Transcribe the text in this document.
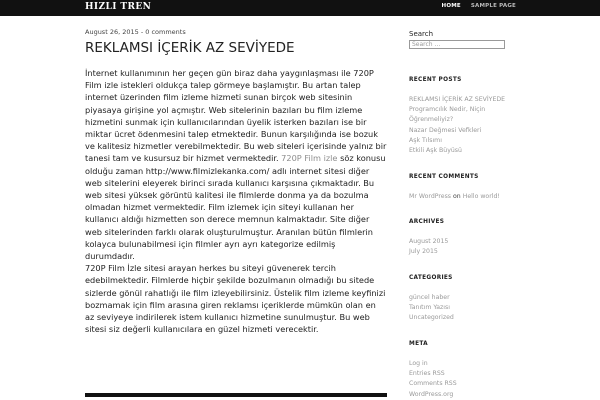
HIZLI TREN	HOME SAMPLE PAGE
August 26, 2015 - 0 comments
REKLAMSI İÇERİK AZ SEVİYEDE

İnternet kullanımının her geçen gün biraz daha yaygınlaşması ile 720P Film izle istekleri oldukça talep görmeye başlamıştır. Bu artan talep internet üzerinden film izleme hizmeti sunan birçok web sitesinin piyasaya girişine yol açmıştır. Web sitelerinin bazıları bu film izleme hizmetini sunmak için kullanıcılarından üyelik isterken bazıları ise bir miktar ücret ödenmesini talep etmektedir. Bunun karşılığında ise bozuk ve kalitesiz hizmetler verebilmektedir. Bu web siteleri içerisinde yalnız bir tanesi tam ve kusursuz bir hizmet vermektedir. 720P Film izle söz konusu olduğu zaman http://www.filmizlekanka.com/ adlı internet sitesi diğer web sitelerini eleyerek birinci sırada kullanıcı karşısına çıkmaktadır. Bu web sitesi yüksek görüntü kalitesi ile filmlerde donma ya da bozulma olmadan hizmet vermektedir. Film izlemek için siteyi kullanan her kullanıcı aldığı hizmetten son derece memnun kalmaktadır. Site diğer web sitelerinden farklı olarak oluşturulmuştur. Aranılan bütün filmlerin kolayca bulunabilmesi için filmler ayrı ayrı kategorize edilmiş durumdadır.

720P Film İzle sitesi arayan herkes bu siteyi güvenerek tercih edebilmektedir. Filmlerde hiçbir şekilde bozulmanın olmadığı bu sitede sizlerde gönül rahatlığı ile film izleyebilirsiniz. Üstelik film izleme keyfinizi bozmamak için film arasına giren reklamsı içeriklerde mümkün olan en az seviyeye indirilerek istem kullanıcı hizmetine sunulmuştur. Bu web sitesi siz değerli kullanıcılara en güzel hizmeti verecektir.

Search
Search ...
RECENT POSTS
REKLAMSI İÇERİK AZ SEVİYEDE
Programcılık Nedir, Niçin
Öğrenmeliyiz?
Nazar Değmesi Vefkleri
Aşk Tılsımı
Etkili Aşk Büyüsü
RECENT COMMENTS
Mr WordPress on Hello world!
ARCHIVES
August 2015
July 2015
CATEGORIES
güncel haber
Tanıtım Yazısı
Uncategorized
META
Log in
Entries RSS
Comments RSS
WordPress.org
